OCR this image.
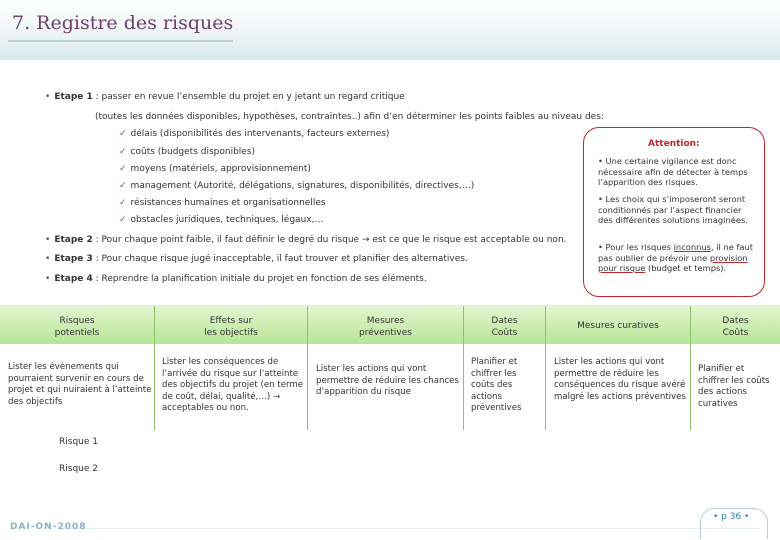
7. Registre des risques
• Etape 1 : passer en revue l’ensemble du projet en y jetant un regard critique
(toutes les données disponibles, hypothèses, contraintes..) afin d’en déterminer les points faibles au niveau des:
✓ délais (disponibilités des intervenants, facteurs externes)
✓ coûts (budgets disponibles)
✓ moyens (matériels, approvisionnement)
✓ management (Autorité, délégations, signatures, disponibilités, directives,…)
✓ résistances humaines et organisationnelles
✓ obstacles juridiques, techniques, légaux,…
• Etape 2 : Pour chaque point faible, il faut définir le degré du risque → est ce que le risque est acceptable ou non.
• Etape 3 : Pour chaque risque jugé inacceptable, il faut trouver et planifier des alternatives.
• Etape 4 : Reprendre la planification initiale du projet en fonction de ses éléments.
Attention:
• Une certaine vigilance est donc nécessaire afin de détecter à temps l’apparition des risques.
• Les choix qui s’imposeront seront conditionnés par l’aspect financier des différentes solutions imaginées.
• Pour les risques inconnus, il ne faut pas oublier de prévoir une provision pour risque (budget et temps).
Risques
potentiels
Effets sur
les objectifs
Mesures
préventives
Dates
Coûts
Mesures curatives	Dates
Coûts
Lister les évènements qui pourraient survenir en cours de projet et qui nuiraient à l’atteinte des objectifs
Lister les conséquences de l’arrivée du risque sur l’atteinte des objectifs du projet (en terme de coût, délai, qualité,…) → acceptables ou non.
Lister les actions qui vont permettre de réduire les chances d’apparition du risque
Planifier et chiffrer les coûts des actions préventives
Lister les actions qui vont permettre de réduire les conséquences du risque avéré malgré les actions préventives
Planifier et chiffrer les coûts des actions curatives
Risque 1
Risque 2
DAI-ON-2008
• p 36 •
